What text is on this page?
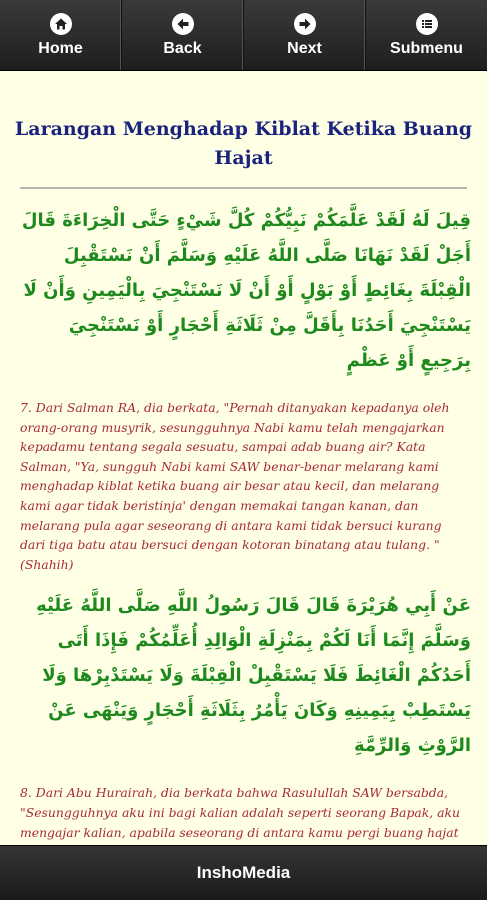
Home	Back	Next	Submenu
Larangan Menghadap Kiblat Ketika Buang Hajat
قِيلَ لَهُ لَقَدْ عَلَّمَكُمْ نَبِيُّكُمْ كُلَّ شَيْءٍ حَتَّى الْخِرَاءَةَ قَالَ أَجَلْ لَقَدْ نَهَانَا صَلَّى اللَّهُ عَلَيْهِ وَسَلَّمَ أَنْ نَسْتَقْبِلَ الْقِبْلَةَ بِغَائِطٍ أَوْ بَوْلٍ أَوْ أَنْ لَا نَسْتَنْجِيَ بِالْيَمِينِ وَأَنْ لَا يَسْتَنْجِيَ أَحَدُنَا بِأَقَلَّ مِنْ ثَلَاثَةِ أَحْجَارٍ أَوْ نَسْتَنْجِيَ بِرَجِيعٍ أَوْ عَظْمٍ
7. Dari Salman RA, dia berkata, "Pernah ditanyakan kepadanya oleh orang-orang musyrik, sesungguhnya Nabi kamu telah mengajarkan kepadamu tentang segala sesuatu, sampai adab buang air? Kata Salman, "Ya, sungguh Nabi kami SAW benar-benar melarang kami menghadap kiblat ketika buang air besar atau kecil, dan melarang kami agar tidak beristinja' dengan memakai tangan kanan, dan melarang pula agar seseorang di antara kami tidak bersuci kurang dari tiga batu atau bersuci dengan kotoran binatang atau tulang. " (Shahih)
عَنْ أَبِي هُرَيْرَةَ قَالَ قَالَ رَسُولُ اللَّهِ صَلَّى اللَّهُ عَلَيْهِ وَسَلَّمَ إِنَّمَا أَنَا لَكُمْ بِمَنْزِلَةِ الْوَالِدِ أُعَلِّمُكُمْ فَإِذَا أَتَى أَحَدُكُمْ الْغَائِطَ فَلَا يَسْتَقْبِلْ الْقِبْلَةَ وَلَا يَسْتَدْبِرْهَا وَلَا يَسْتَطِبْ بِيَمِينِهِ وَكَانَ يَأْمُرُ بِثَلَاثَةِ أَحْجَارٍ وَيَنْهَى عَنْ الرَّوْثِ وَالرِّمَّةِ
8. Dari Abu Hurairah, dia berkata bahwa Rasulullah SAW bersabda, "Sesungguhnya aku ini bagi kalian adalah seperti seorang Bapak, aku mengajar kalian, apabila seseorang di antara kamu pergi buang hajat
InshoMedia
